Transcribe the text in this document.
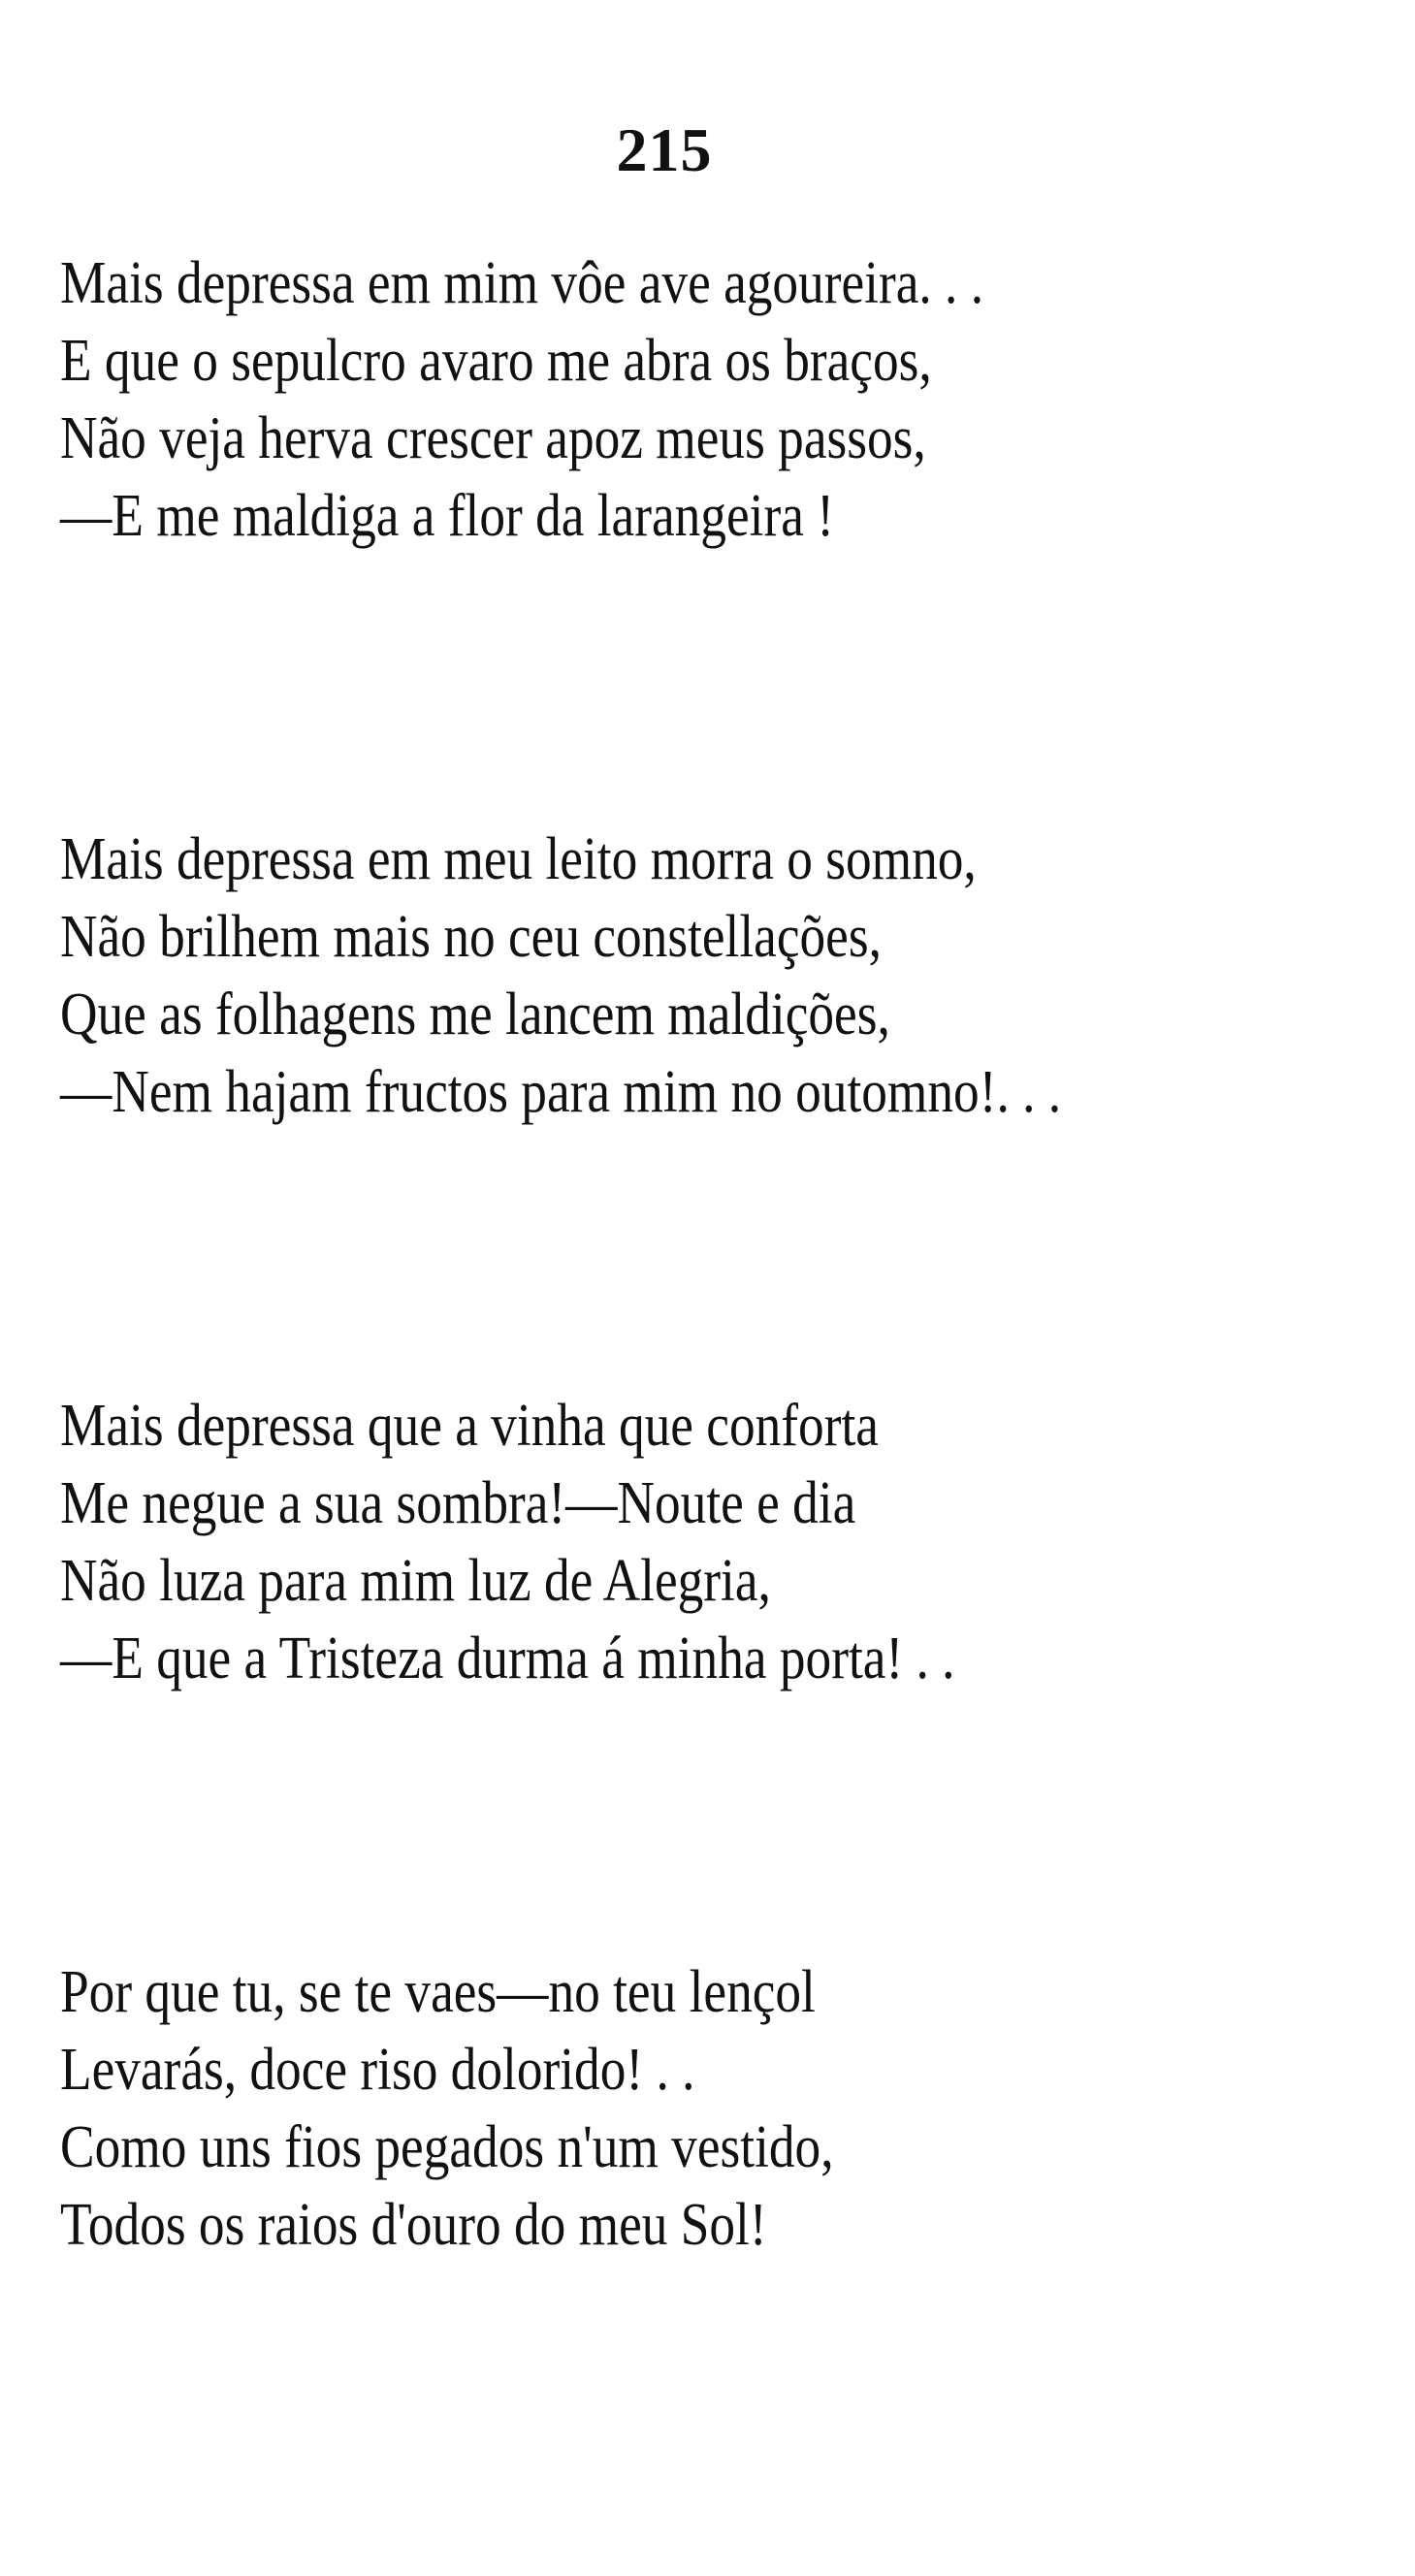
215
Mais depressa em mim vôe ave agoureira. . .
E que o sepulcro avaro me abra os braços,
Não veja herva crescer apoz meus passos,
—E me maldiga a flor da larangeira !
Mais depressa em meu leito morra o somno,
Não brilhem mais no ceu constellações,
Que as folhagens me lancem maldições,
—Nem hajam fructos para mim no outomno!. . .
Mais depressa que a vinha que conforta
Me negue a sua sombra!—Noute e dia
Não luza para mim luz de Alegria,
—E que a Tristeza durma á minha porta! . .
Por que tu, se te vaes—no teu lençol
Levarás, doce riso dolorido! . .
Como uns fios pegados n'um vestido,
Todos os raios d'ouro do meu Sol!
